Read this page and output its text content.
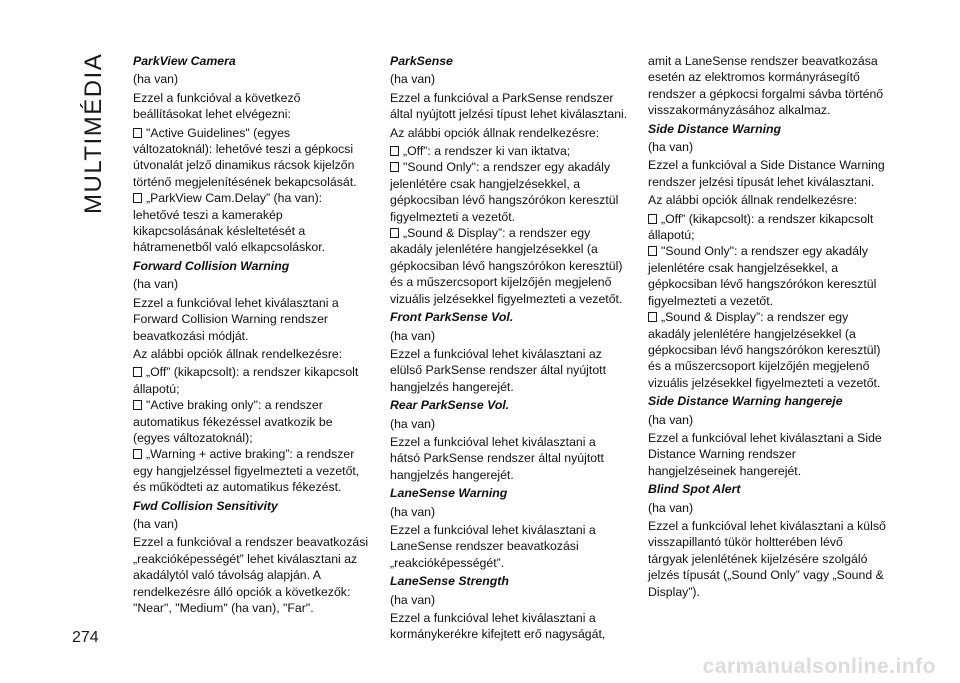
MULTIMÉDIA ParkView Camera

(ha van)

Ezzel a funkcióval a következő beállításokat lehet elvégezni:

"Active Guidelines" (egyes változatoknál): lehetővé teszi a gépkocsi útvonalát jelző dinamikus rácsok kijelzőn történő megjelenítésének bekapcsolását.
„ParkView Cam.Delay” (ha van): lehetővé teszi a kamerakép kikapcsolásának késleltetését a hátramenetből való elkapcsoláskor.
Forward Collision Warning

(ha van)

Ezzel a funkcióval lehet kiválasztani a Forward Collision Warning rendszer beavatkozási módját.

Az alábbi opciók állnak rendelkezésre:

„Off” (kikapcsolt): a rendszer kikapcsolt állapotú;
"Active braking only": a rendszer automatikus fékezéssel avatkozik be (egyes változatoknál);
„Warning + active braking”: a rendszer egy hangjelzéssel figyelmezteti a vezetőt, és működteti az automatikus fékezést.
Fwd Collision Sensitivity

(ha van)

Ezzel a funkcióval a rendszer beavatkozási „reakcióképességét” lehet kiválasztani az akadálytól való távolság alapján. A rendelkezésre álló opciók a következők: "Near", "Medium" (ha van), "Far".

ParkSense

(ha van)

Ezzel a funkcióval a ParkSense rendszer által nyújtott jelzési típust lehet kiválasztani.

Az alábbi opciók állnak rendelkezésre:

„Off”: a rendszer ki van iktatva;
"Sound Only": a rendszer egy akadály jelenlétére csak hangjelzésekkel, a gépkocsiban lévő hangszórókon keresztül figyelmezteti a vezetőt.
„Sound & Display”: a rendszer egy akadály jelenlétére hangjelzésekkel (a gépkocsiban lévő hangszórókon keresztül) és a műszercsoport kijelzőjén megjelenő vizuális jelzésekkel figyelmezteti a vezetőt.
Front ParkSense Vol.

(ha van)

Ezzel a funkcióval lehet kiválasztani az elülső ParkSense rendszer által nyújtott hangjelzés hangerejét.

Rear ParkSense Vol.

(ha van)

Ezzel a funkcióval lehet kiválasztani a hátsó ParkSense rendszer által nyújtott hangjelzés hangerejét.

LaneSense Warning

(ha van)

Ezzel a funkcióval lehet kiválasztani a LaneSense rendszer beavatkozási „reakcióképességét”.

LaneSense Strength

(ha van)

Ezzel a funkcióval lehet kiválasztani a kormánykerékre kifejtett erő nagyságát,

amit a LaneSense rendszer beavatkozása esetén az elektromos kormányrásegítő rendszer a gépkocsi forgalmi sávba történő visszakormányzásához alkalmaz.

Side Distance Warning

(ha van)

Ezzel a funkcióval a Side Distance Warning rendszer jelzési típusát lehet kiválasztani.

Az alábbi opciók állnak rendelkezésre:

„Off” (kikapcsolt): a rendszer kikapcsolt állapotú;
"Sound Only": a rendszer egy akadály jelenlétére csak hangjelzésekkel, a gépkocsiban lévő hangszórókon keresztül figyelmezteti a vezetőt.
„Sound & Display”: a rendszer egy akadály jelenlétére hangjelzésekkel (a gépkocsiban lévő hangszórókon keresztül) és a műszercsoport kijelzőjén megjelenő vizuális jelzésekkel figyelmezteti a vezetőt.
Side Distance Warning hangereje

(ha van)

Ezzel a funkcióval lehet kiválasztani a Side Distance Warning rendszer hangjelzéseinek hangerejét.

Blind Spot Alert

(ha van)

Ezzel a funkcióval lehet kiválasztani a külső visszapillantó tükör holtterében lévő tárgyak jelenlétének kijelzésére szolgáló jelzés típusát („Sound Only” vagy „Sound & Display”).

274
carmanualsonline.info
